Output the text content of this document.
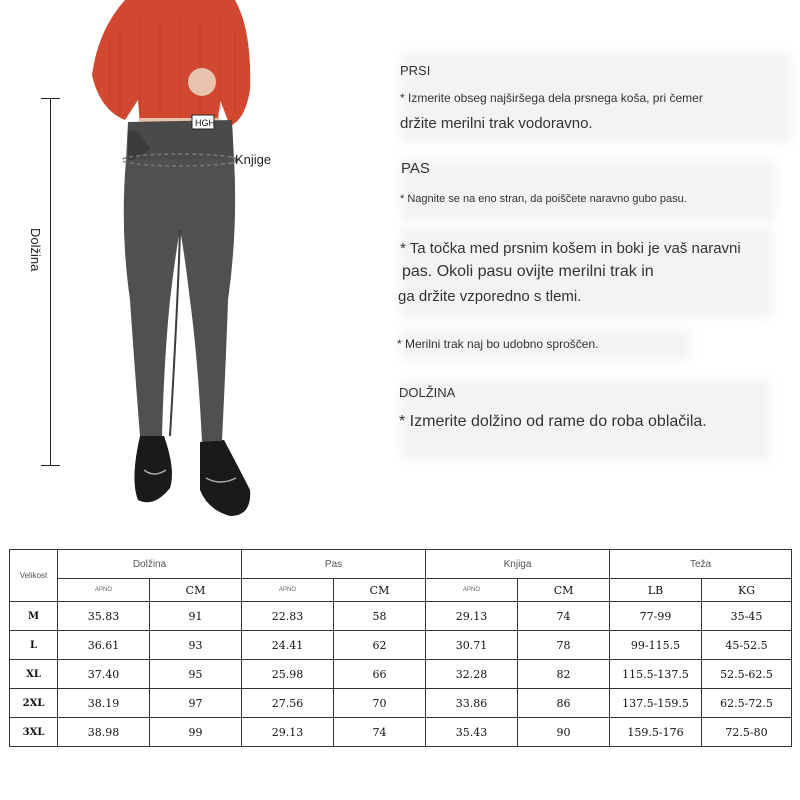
Dolžina
HGH
Knjige
PRSI
* Izmerite obseg najširšega dela prsnega koša, pri čemer
držite merilni trak vodoravno.
PAS
* Nagnite se na eno stran, da poiščete naravno gubo pasu.
* Ta točka med prsnim košem in boki je vaš naravni
pas. Okoli pasu ovijte merilni trak in
ga držite vzporedno s tlemi.
* Merilni trak naj bo udobno sproščen.
DOLŽINA
* Izmerite dolžino od rame do roba oblačila.
Velikost	Dolžina		Pas		Knjiga		Teža	
	APNO	CM	APNO	CM	APNO	CM	LB	KG
M	35.83	91	22.83	58	29.13	74	77-99	35-45
L	36.61	93	24.41	62	30.71	78	99-115.5	45-52.5
XL	37.40	95	25.98	66	32.28	82	115.5-137.5	52.5-62.5
2XL	38.19	97	27.56	70	33.86	86	137.5-159.5	62.5-72.5
3XL	38.98	99	29.13	74	35.43	90	159.5-176	72.5-80
